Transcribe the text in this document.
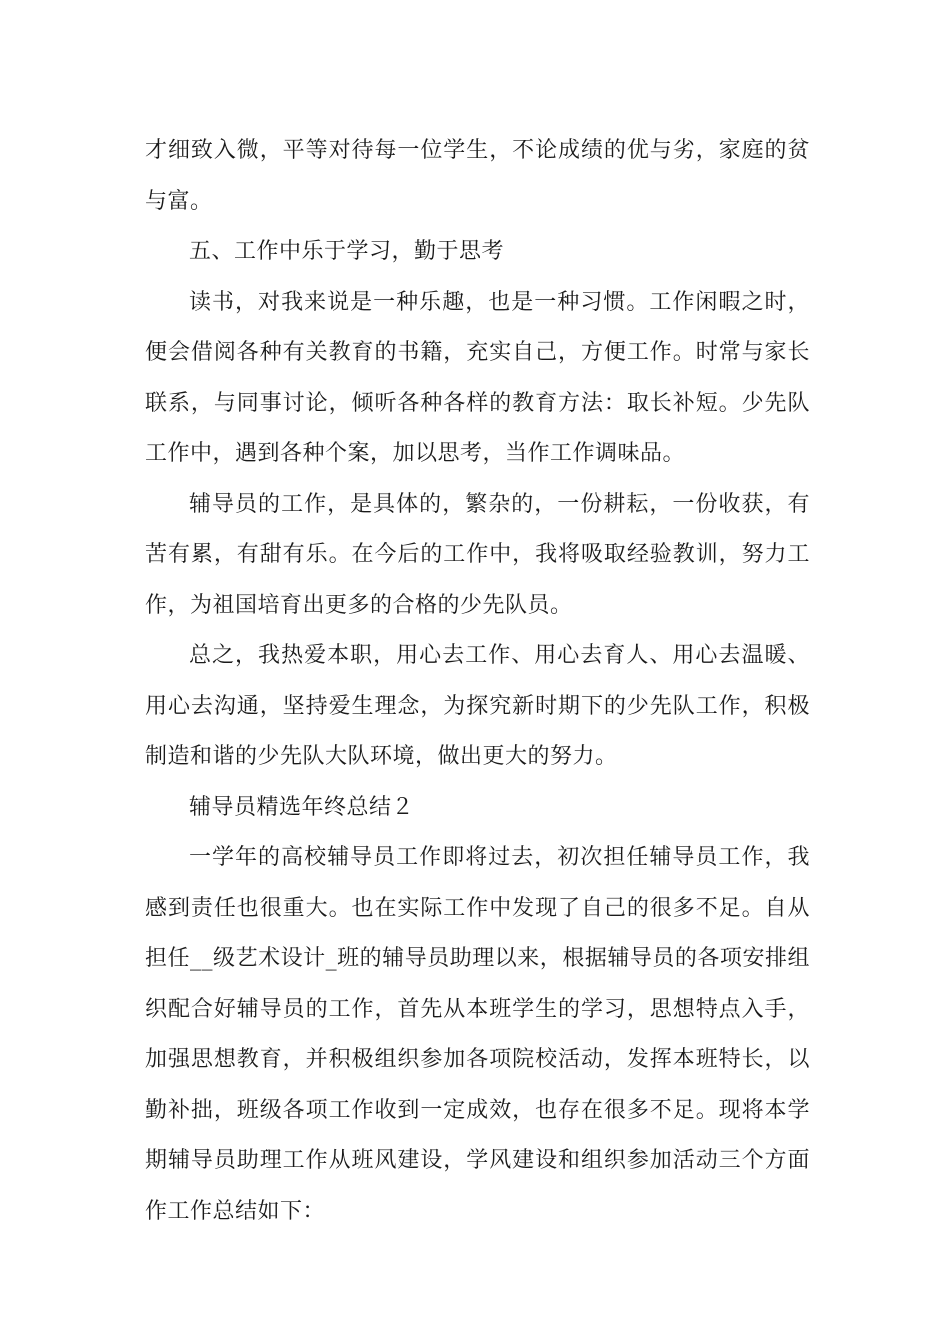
才细致入微，平等对待每一位学生，不论成绩的优与劣，家庭的贫与富。

五、工作中乐于学习，勤于思考

读书，对我来说是一种乐趣，也是一种习惯。工作闲暇之时，便会借阅各种有关教育的书籍，充实自己，方便工作。时常与家长联系，与同事讨论，倾听各种各样的教育方法：取长补短。少先队工作中，遇到各种个案，加以思考，当作工作调味品。

辅导员的工作，是具体的，繁杂的，一份耕耘，一份收获，有苦有累，有甜有乐。在今后的工作中，我将吸取经验教训，努力工作，为祖国培育出更多的合格的少先队员。

总之，我热爱本职，用心去工作、用心去育人、用心去温暖、用心去沟通，坚持爱生理念，为探究新时期下的少先队工作，积极制造和谐的少先队大队环境，做出更大的努力。

辅导员精选年终总结２

一学年的高校辅导员工作即将过去，初次担任辅导员工作，我感到责任也很重大。也在实际工作中发现了自己的很多不足。自从担任__级艺术设计_班的辅导员助理以来，根据辅导员的各项安排组织配合好辅导员的工作，首先从本班学生的学习，思想特点入手，加强思想教育，并积极组织参加各项院校活动，发挥本班特长，以勤补拙，班级各项工作收到一定成效，也存在很多不足。现将本学期辅导员助理工作从班风建设，学风建设和组织参加活动三个方面作工作总结如下：
